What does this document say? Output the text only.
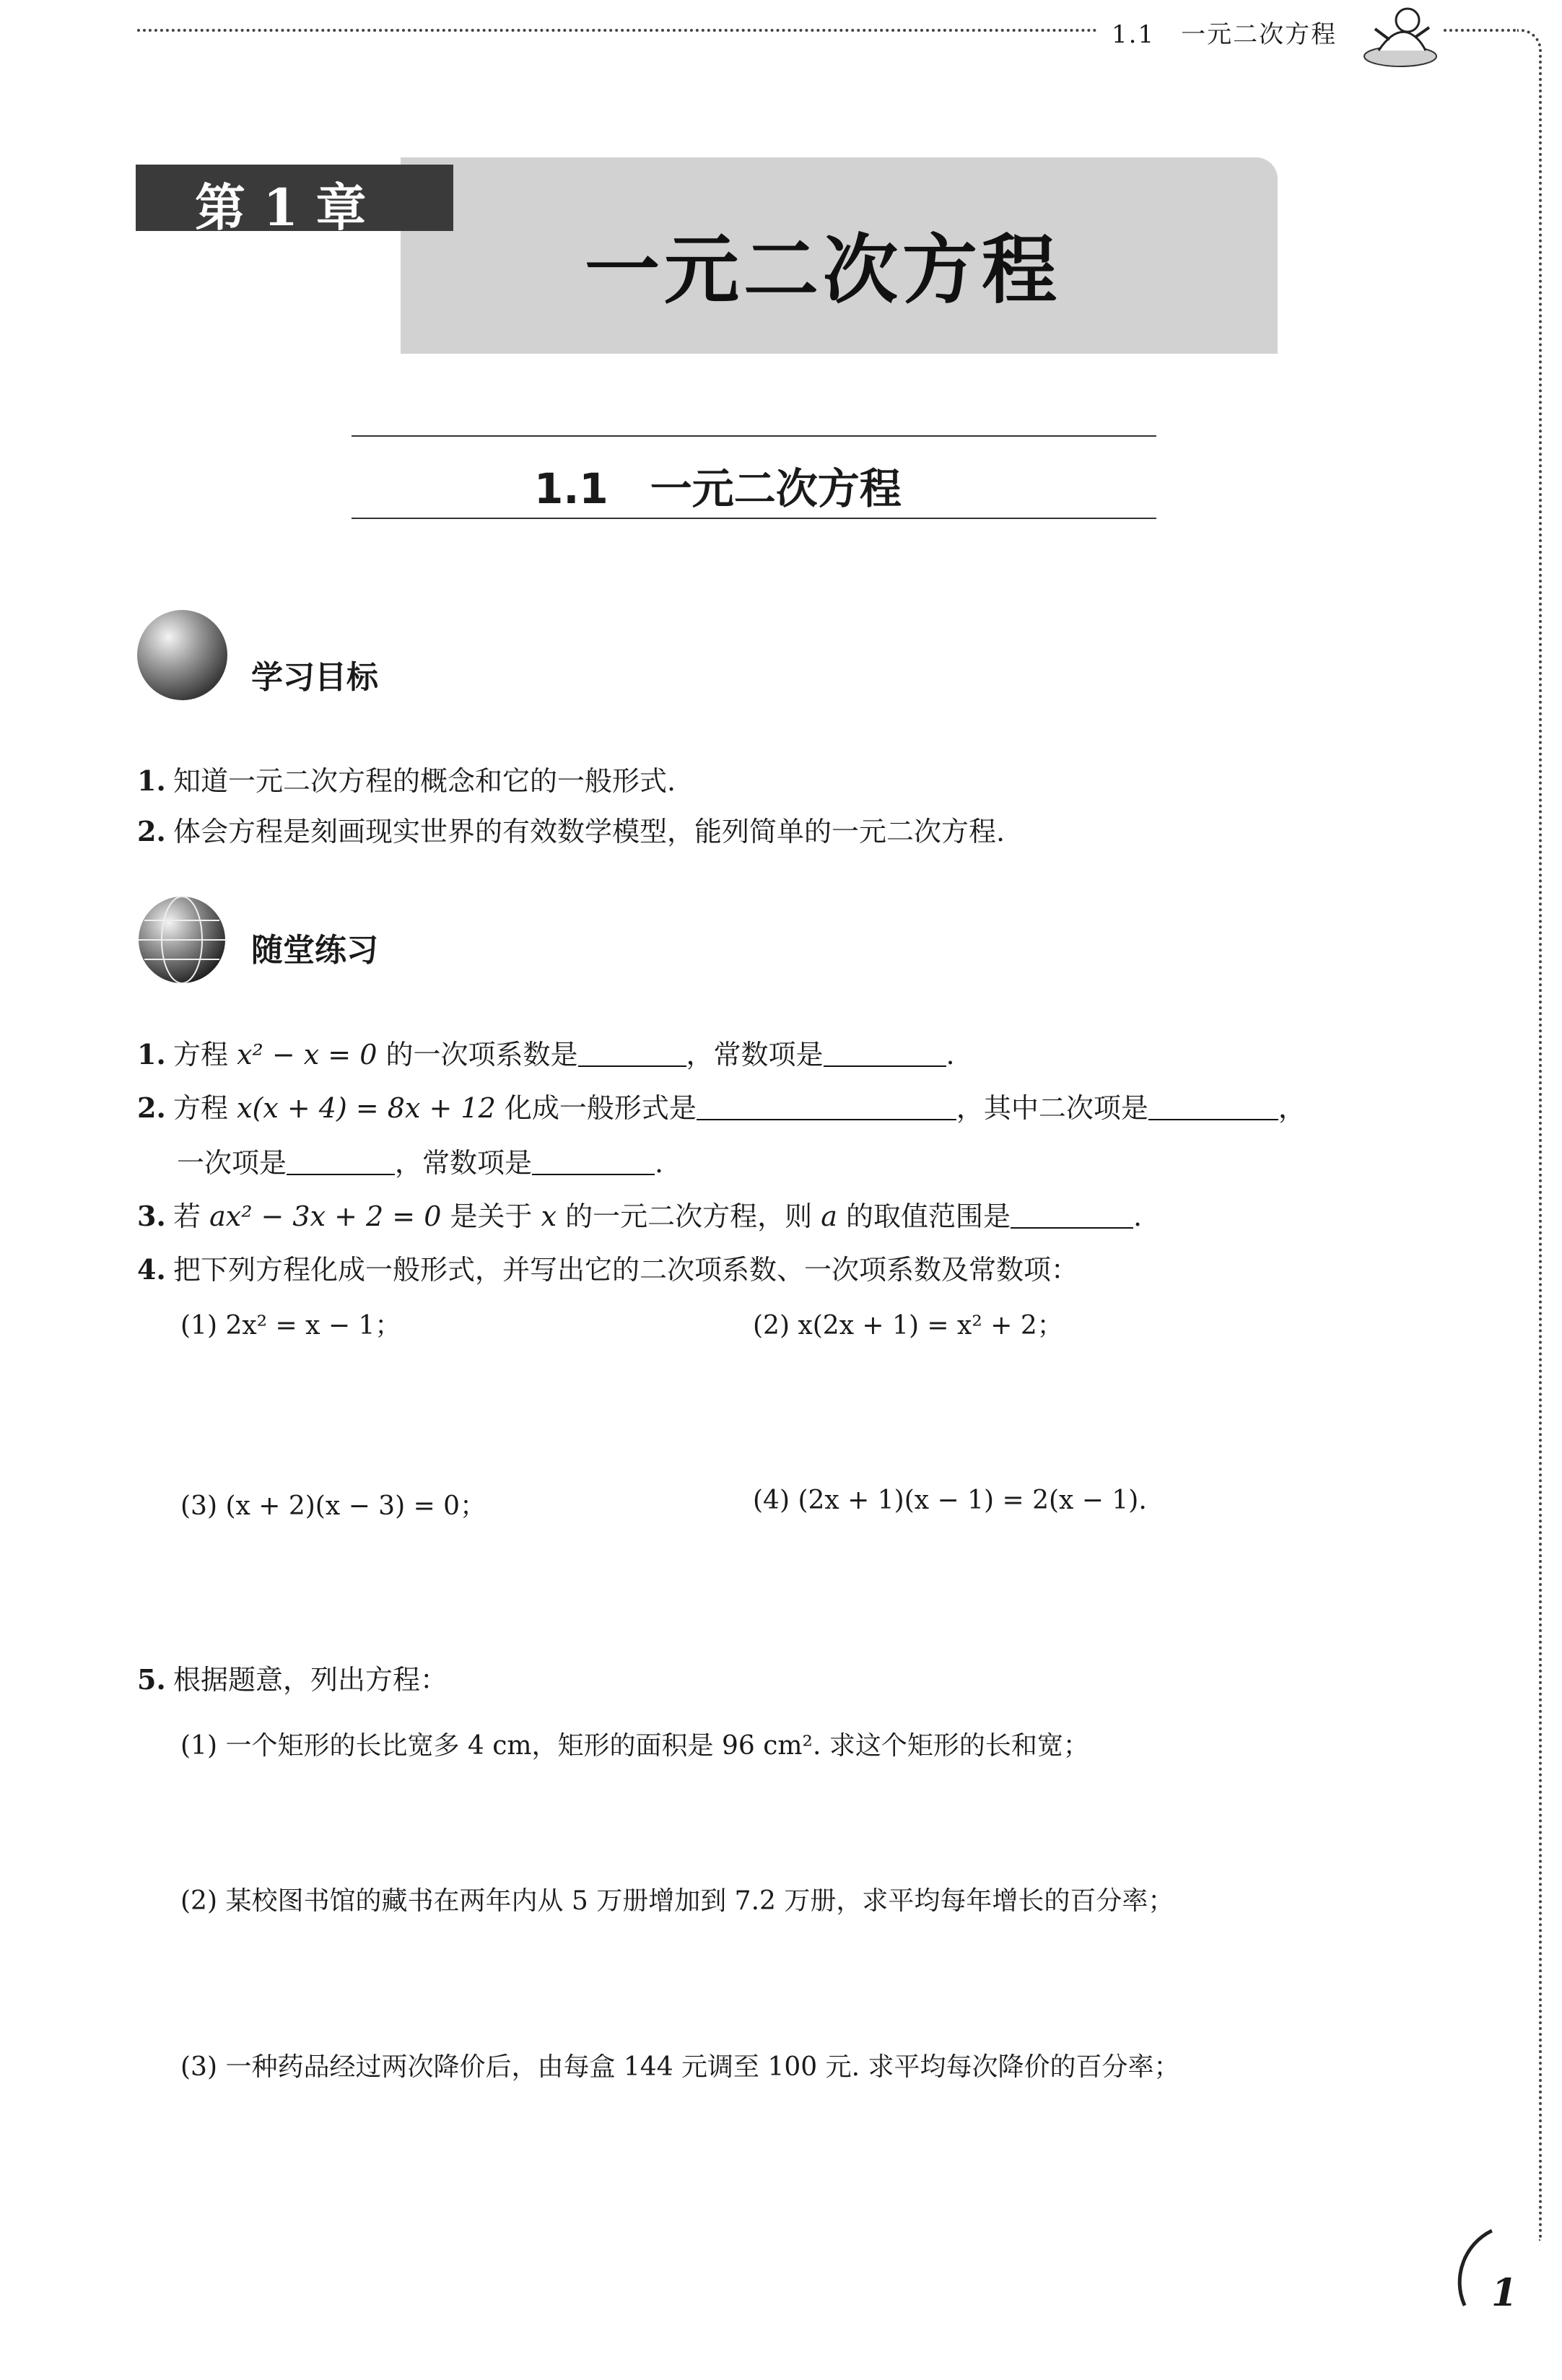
1.1　一元二次方程
第 1 章
一元二次方程
1.1　一元二次方程
学习目标
1. 知道一元二次方程的概念和它的一般形式.
2. 体会方程是刻画现实世界的有效数学模型，能列简单的一元二次方程.
随堂练习
1. 方程 x² − x = 0 的一次项系数是	，常数项是	.
2. 方程 x(x + 4) = 8x + 12 化成一般形式是	，其中二次项是	，
一次项是	，常数项是	.
3. 若 ax² − 3x + 2 = 0 是关于 x 的一元二次方程，则 a 的取值范围是	.
4. 把下列方程化成一般形式，并写出它的二次项系数、一次项系数及常数项：
(1) 2x² = x − 1；	(2) x(2x + 1) = x² + 2；
(3) (x + 2)(x − 3) = 0；	(4) (2x + 1)(x − 1) = 2(x − 1).
5. 根据题意，列出方程：
(1) 一个矩形的长比宽多 4 cm，矩形的面积是 96 cm². 求这个矩形的长和宽；
(2) 某校图书馆的藏书在两年内从 5 万册增加到 7.2 万册，求平均每年增长的百分率；
(3) 一种药品经过两次降价后，由每盒 144 元调至 100 元. 求平均每次降价的百分率；
1
